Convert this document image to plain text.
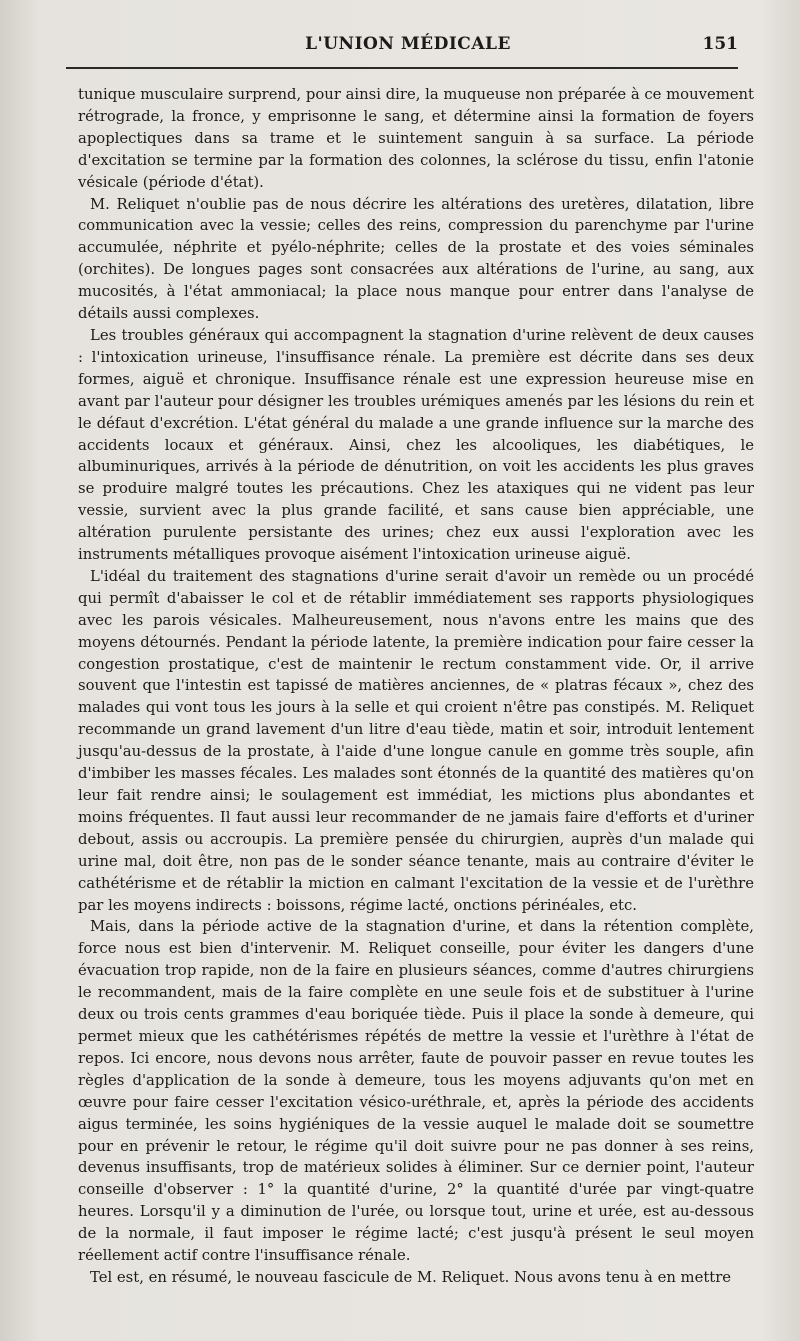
L'UNION MÉDICALE	151

tunique musculaire surprend, pour ainsi dire, la muqueuse non préparée à ce mouvement rétrograde, la fronce, y emprisonne le sang, et détermine ainsi la formation de foyers apoplectiques dans sa trame et le suintement sanguin à sa surface. La période d'excitation se termine par la formation des colonnes, la sclérose du tissu, enfin l'atonie vésicale (période d'état).

M. Reliquet n'oublie pas de nous décrire les altérations des uretères, dilatation, libre communication avec la vessie; celles des reins, compression du parenchyme par l'urine accumulée, néphrite et pyélo-néphrite; celles de la prostate et des voies séminales (orchites). De longues pages sont consacrées aux altérations de l'urine, au sang, aux mucosités, à l'état ammoniacal; la place nous manque pour entrer dans l'analyse de détails aussi complexes.

Les troubles généraux qui accompagnent la stagnation d'urine relèvent de deux causes : l'intoxication urineuse, l'insuffisance rénale. La première est décrite dans ses deux formes, aiguë et chronique. Insuffisance rénale est une expression heureuse mise en avant par l'auteur pour désigner les troubles urémiques amenés par les lésions du rein et le défaut d'excrétion. L'état général du malade a une grande influence sur la marche des accidents locaux et généraux. Ainsi, chez les alcooliques, les diabétiques, le albuminuriques, arrivés à la période de dénutrition, on voit les accidents les plus graves se produire malgré toutes les précautions. Chez les ataxiques qui ne vident pas leur vessie, survient avec la plus grande facilité, et sans cause bien appréciable, une altération purulente persistante des urines; chez eux aussi l'exploration avec les instruments métalliques provoque aisément l'intoxication urineuse aiguë.

L'idéal du traitement des stagnations d'urine serait d'avoir un remède ou un procédé qui permît d'abaisser le col et de rétablir immédiatement ses rapports physiologiques avec les parois vésicales. Malheureusement, nous n'avons entre les mains que des moyens détournés. Pendant la période latente, la première indication pour faire cesser la congestion prostatique, c'est de maintenir le rectum constamment vide. Or, il arrive souvent que l'intestin est tapissé de matières anciennes, de « platras fécaux », chez des malades qui vont tous les jours à la selle et qui croient n'être pas constipés. M. Reliquet recommande un grand lavement d'un litre d'eau tiède, matin et soir, introduit lentement jusqu'au-dessus de la prostate, à l'aide d'une longue canule en gomme très souple, afin d'imbiber les masses fécales. Les malades sont étonnés de la quantité des matières qu'on leur fait rendre ainsi; le soulagement est immédiat, les mictions plus abondantes et moins fréquentes. Il faut aussi leur recommander de ne jamais faire d'efforts et d'uriner debout, assis ou accroupis. La première pensée du chirurgien, auprès d'un malade qui urine mal, doit être, non pas de le sonder séance tenante, mais au contraire d'éviter le cathétérisme et de rétablir la miction en calmant l'excitation de la vessie et de l'urèthre par les moyens indirects : boissons, régime lacté, onctions périnéales, etc.

Mais, dans la période active de la stagnation d'urine, et dans la rétention complète, force nous est bien d'intervenir. M. Reliquet conseille, pour éviter les dangers d'une évacuation trop rapide, non de la faire en plusieurs séances, comme d'autres chirurgiens le recommandent, mais de la faire complète en une seule fois et de substituer à l'urine deux ou trois cents grammes d'eau boriquée tiède. Puis il place la sonde à demeure, qui permet mieux que les cathétérismes répétés de mettre la vessie et l'urèthre à l'état de repos. Ici encore, nous devons nous arrêter, faute de pouvoir passer en revue toutes les règles d'application de la sonde à demeure, tous les moyens adjuvants qu'on met en œuvre pour faire cesser l'excitation vésico-uréthrale, et, après la période des accidents aigus terminée, les soins hygiéniques de la vessie auquel le malade doit se soumettre pour en prévenir le retour, le régime qu'il doit suivre pour ne pas donner à ses reins, devenus insuffisants, trop de matérieux solides à éliminer. Sur ce dernier point, l'auteur conseille d'observer : 1° la quantité d'urine, 2° la quantité d'urée par vingt-quatre heures. Lorsqu'il y a diminution de l'urée, ou lorsque tout, urine et urée, est au-dessous de la normale, il faut imposer le régime lacté; c'est jusqu'à présent le seul moyen réellement actif contre l'insuffisance rénale.

Tel est, en résumé, le nouveau fascicule de M. Reliquet. Nous avons tenu à en mettre
